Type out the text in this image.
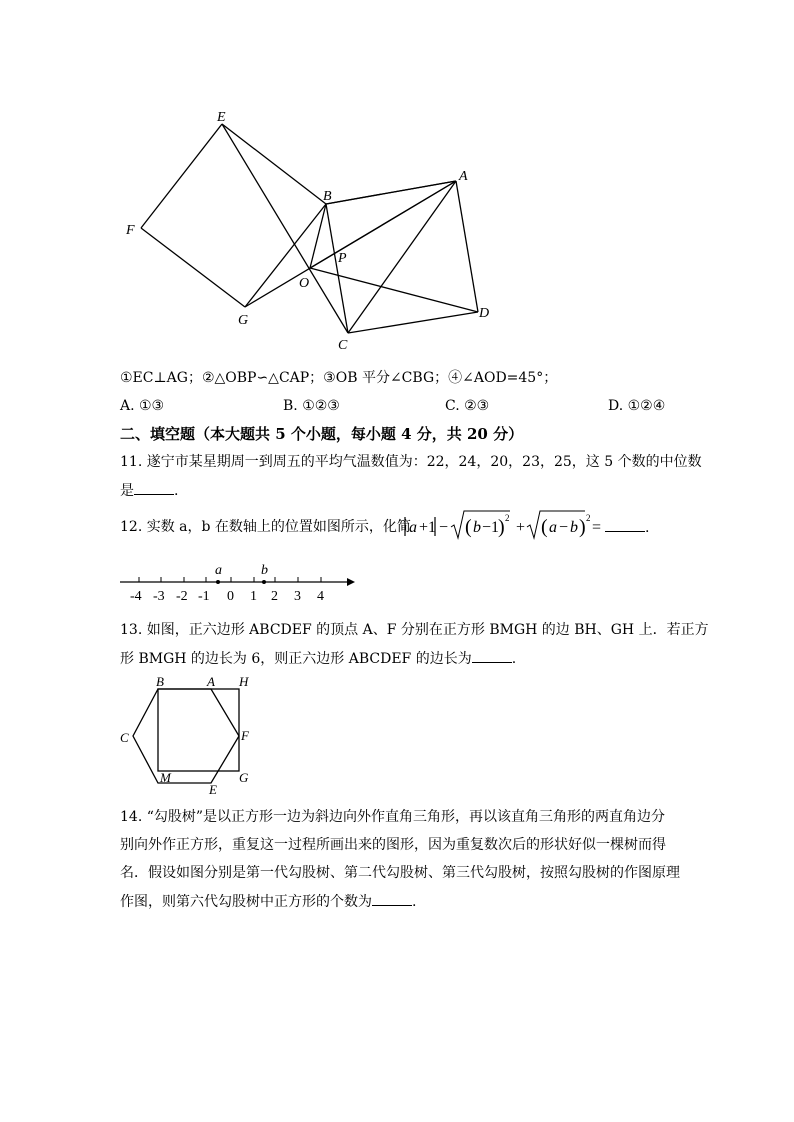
E
F
G
B
A
O
P
C
D
①EC⊥AG；②△OBP∽△CAP；③OB 平分∠CBG；④∠AOD=45°；
A. ①③	B. ①②③	C. ②③	D. ①②④
二、填空题（本大题共 5 个小题，每小题 4 分，共 20 分）
11. 遂宁市某星期周一到周五的平均气温数值为：22，24，20，23，25，这 5 个数的中位数
是	.
12. 实数 a，b 在数轴上的位置如图所示，化简
a +1 − ( b −1
) 2
+ ( a − b ) 2
=	.
a	b
-4 -3 -2 -1 0 1 2 3 4
13. 如图，正六边形 ABCDEF 的顶点 A、F 分别在正方形 BMGH 的边 BH、GH 上．若正方
形 BMGH 的边长为 6，则正六边形 ABCDEF 的边长为	.
B	A H
C	F
M
E
G
14. “勾股树”是以正方形一边为斜边向外作直角三角形，再以该直角三角形的两直角边分
别向外作正方形，重复这一过程所画出来的图形，因为重复数次后的形状好似一棵树而得
名．假设如图分别是第一代勾股树、第二代勾股树、第三代勾股树，按照勾股树的作图原理
作图，则第六代勾股树中正方形的个数为	.
